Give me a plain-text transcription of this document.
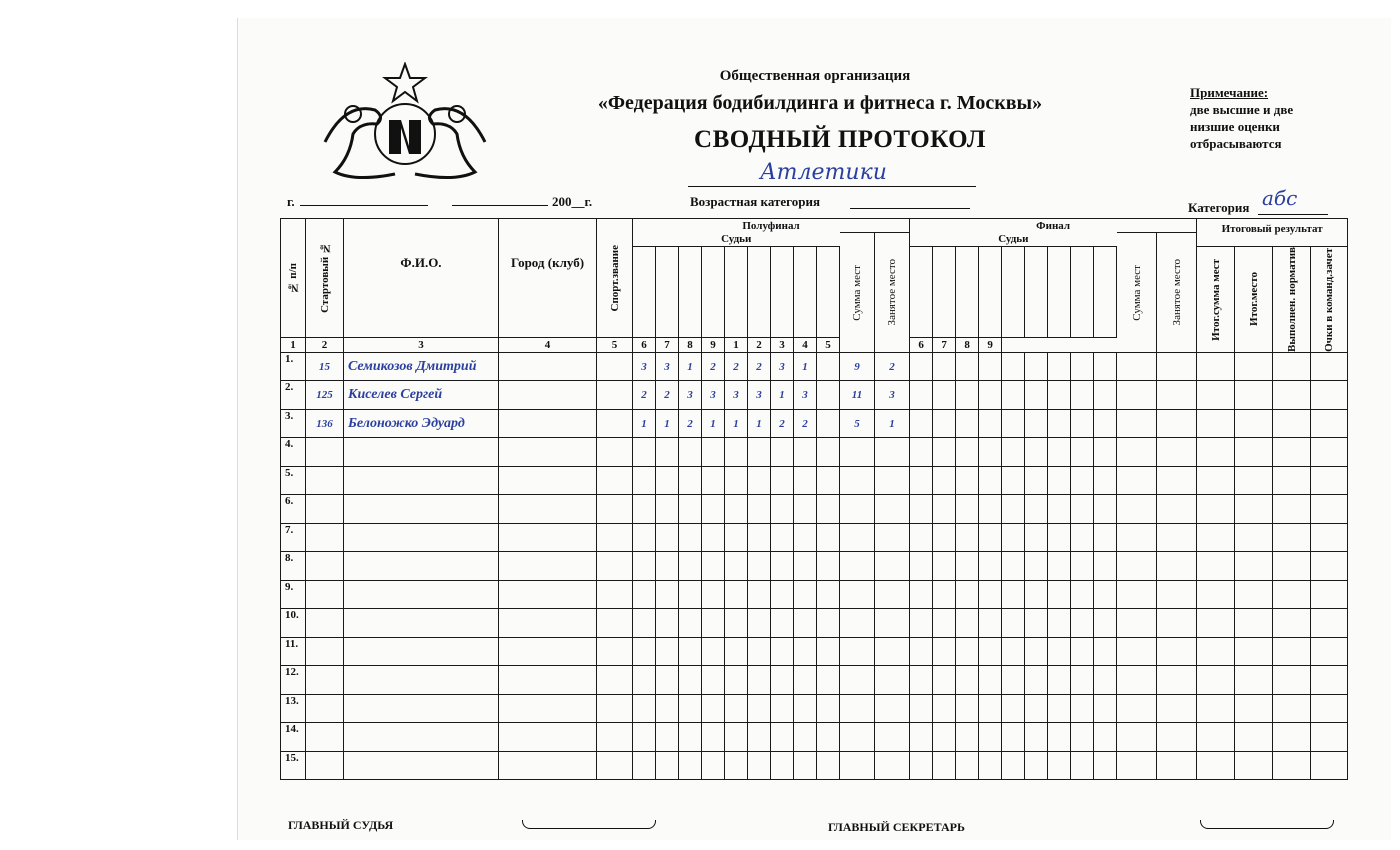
Общественная организация
«Федерация бодибилдинга и фитнеса г. Москвы»
СВОДНЫЙ ПРОТОКОЛ
Атлетики
Примечание:
две высшие и две
низшие оценки
отбрасываются
г.	200__г.	Возрастная категория	Категория абс
№ п/п	Стартовый №	Ф.И.О.	Город (клуб)	Спорт.звание	Полуфинал											Финал											Итоговый результат			
					Судьи									Сумма мест	Занятое место	Судьи									Сумма мест	Занятое место				

																											Итог.сумма мест	Итог.место	Выполнен. норматив	Очки в команд.зачет

1	2	3	4	5	6	7	8	9	1	2	3	4	5			6	7	8	9											
1.	15	Семикозов Дмитрий			3	3	1	2	2	2	3	1		9	2															
2.	125	Киселев Сергей			2	2	3	3	3	3	1	3		11	3															
3.	136	Белоножко Эдуард			1	1	2	1	1	1	2	2		5	1															
4.																														
5.																														
6.																														
7.																														
8.																														
9.																														
10.																														
11.																														
12.																														
13.																														
14.																														
15.																														
ГЛАВНЫЙ СУДЬЯ	ГЛАВНЫЙ СЕКРЕТАРЬ
